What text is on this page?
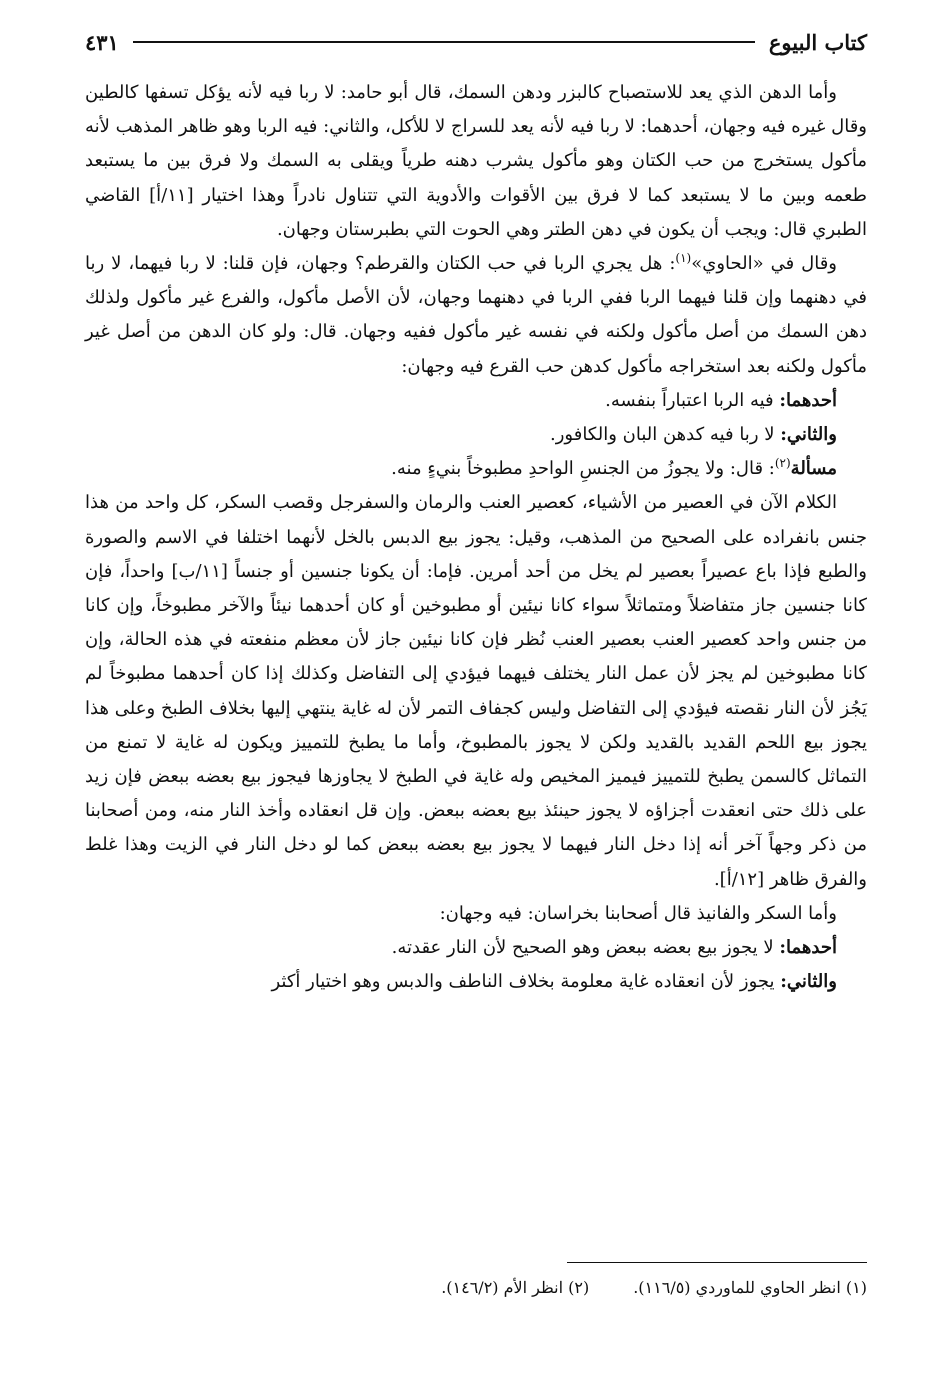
كتاب البيوع
٤٣١

وأما الدهن الذي يعد للاستصباح كالبزر ودهن السمك، قال أبو حامد: لا ربا فيه لأنه يؤكل تسفها كالطين وقال غيره فيه وجهان، أحدهما: لا ربا فيه لأنه يعد للسراج لا للأكل، والثاني: فيه الربا وهو ظاهر المذهب لأنه مأكول يستخرج من حب الكتان وهو مأكول يشرب دهنه طرياً ويقلى به السمك ولا فرق بين ما يستبعد طعمه وبين ما لا يستبعد كما لا فرق بين الأقوات والأدوية التي تتناول نادراً وهذا اختيار [١١/أ] القاضي الطبري قال: ويجب أن يكون في دهن الطتر وهي الحوت التي بطبرستان وجهان.

وقال في «الحاوي»$^{(١)}$: هل يجري الربا في حب الكتان والقرطم؟ وجهان، فإن قلنا: لا ربا فيهما، لا ربا في دهنهما وإن قلنا فيهما الربا ففي الربا في دهنهما وجهان، لأن الأصل مأكول، والفرع غير مأكول ولذلك دهن السمك من أصل مأكول ولكنه في نفسه غير مأكول ففيه وجهان. قال: ولو كان الدهن من أصل غير مأكول ولكنه بعد استخراجه مأكول كدهن حب القرع فيه وجهان:

أحدهما: فيه الربا اعتباراً بنفسه.

والثاني: لا ربا فيه كدهن البان والكافور.

مسألة$^{(٢)}$: قال: ولا يجوزُ من الجنسِ الواحدِ مطبوخاً بنيءٍ منه.

الكلام الآن في العصير من الأشياء، كعصير العنب والرمان والسفرجل وقصب السكر، كل واحد من هذا جنس بانفراده على الصحيح من المذهب، وقيل: يجوز بيع الدبس بالخل لأنهما اختلفا في الاسم والصورة والطبع فإذا باع عصيراً بعصير لم يخل من أحد أمرين. فإما: أن يكونا جنسين أو جنساً [١١/ب] واحداً، فإن كانا جنسين جاز متفاضلاً ومتماثلاً سواء كانا نيئين أو مطبوخين أو كان أحدهما نيئاً والآخر مطبوخاً، وإن كانا من جنس واحد كعصير العنب بعصير العنب نُظر فإن كانا نيئين جاز لأن معظم منفعته في هذه الحالة، وإن كانا مطبوخين لم يجز لأن عمل النار يختلف فيهما فيؤدي إلى التفاضل وكذلك إذا كان أحدهما مطبوخاً لم يَجُز لأن النار نقصته فيؤدي إلى التفاضل وليس كجفاف التمر لأن له غاية ينتهي إليها بخلاف الطبخ وعلى هذا يجوز بيع اللحم القديد بالقديد ولكن لا يجوز بالمطبوخ، وأما ما يطبخ للتمييز ويكون له غاية لا تمنع من التماثل كالسمن يطبخ للتمييز فيميز المخيص وله غاية في الطبخ لا يجاوزها فيجوز بيع بعضه ببعض فإن زيد على ذلك حتى انعقدت أجزاؤه لا يجوز حينئذ بيع بعضه ببعض. وإن قل انعقاده وأخذ النار منه، ومن أصحابنا من ذكر وجهاً آخر أنه إذا دخل النار فيهما لا يجوز بيع بعضه ببعض كما لو دخل النار في الزيت وهذا غلط والفرق ظاهر [١٢/أ].

وأما السكر والفانيذ قال أصحابنا بخراسان: فيه وجهان:

أحدهما: لا يجوز بيع بعضه ببعض وهو الصحيح لأن النار عقدته.

والثاني: يجوز لأن انعقاده غاية معلومة بخلاف الناطف والدبس وهو اختيار أكثر

(١) انظر الحاوي للماوردي (١١٦/٥).
(٢) انظر الأم (١٤٦/٢).
